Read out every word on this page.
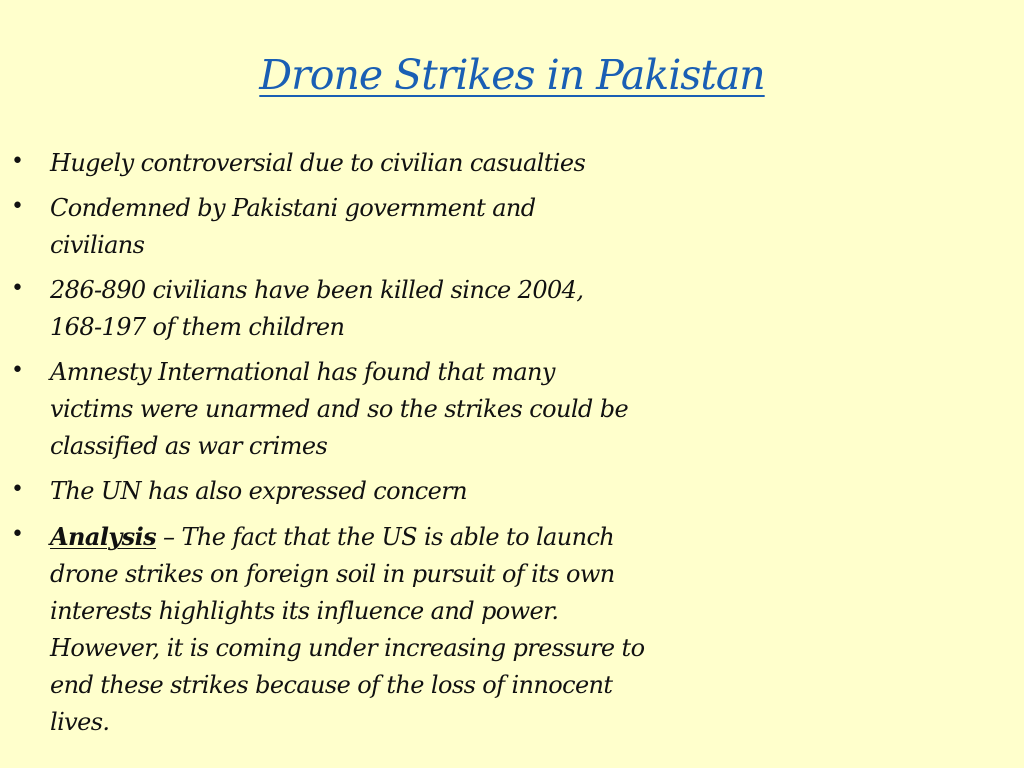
Drone Strikes in Pakistan
• Hugely controversial due to civilian casualties
• Condemned by Pakistani government and civilians
• 286-890 civilians have been killed since 2004, 168-197 of them children
• Amnesty International has found that many victims were unarmed and so the strikes could be classified as war crimes
• The UN has also expressed concern
• Analysis – The fact that the US is able to launch drone strikes on foreign soil in pursuit of its own interests highlights its influence and power. However, it is coming under increasing pressure to end these strikes because of the loss of innocent lives.
